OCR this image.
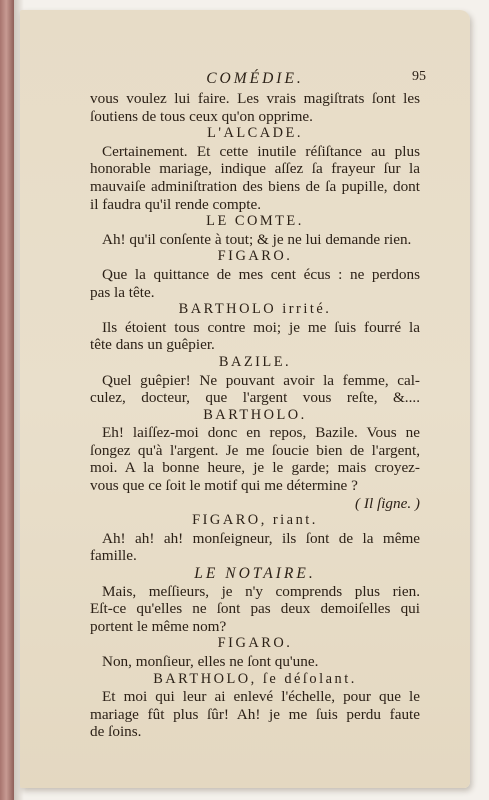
COMÉDIE.	95
vous voulez lui faire. Les vrais magiſtrats ſont les
ſoutiens de tous ceux qu'on opprime.
L'ALCADE.
Certainement. Et cette inutile réſiſtance au plus
honorable mariage, indique aſſez ſa frayeur ſur la
mauvaiſe adminiſtration des biens de ſa pupille, dont
il faudra qu'il rende compte.
LE COMTE.
Ah! qu'il conſente à tout; & je ne lui demande rien.
FIGARO.
Que la quittance de mes cent écus : ne perdons
pas la tête.
BARTHOLO irrité.
Ils étoient tous contre moi; je me ſuis fourré la
tête dans un guêpier.
BAZILE.
Quel guêpier! Ne pouvant avoir la femme, cal-
culez, docteur, que l'argent vous reſte, &....
BARTHOLO.
Eh! laiſſez-moi donc en repos, Bazile. Vous ne
ſongez qu'à l'argent. Je me ſoucie bien de l'argent,
moi. A la bonne heure, je le garde; mais croyez-
vous que ce ſoit le motif qui me détermine ?
( Il ſigne. )
FIGARO, riant.
Ah! ah! ah! monſeigneur, ils ſont de la même
famille.
LE NOTAIRE.
Mais, meſſieurs, je n'y comprends plus rien.
Eſt-ce qu'elles ne ſont pas deux demoiſelles qui
portent le même nom?
FIGARO.
Non, monſieur, elles ne ſont qu'une.
BARTHOLO, ſe déſolant.
Et moi qui leur ai enlevé l'échelle, pour que le
mariage fût plus ſûr! Ah! je me ſuis perdu faute
de ſoins.
